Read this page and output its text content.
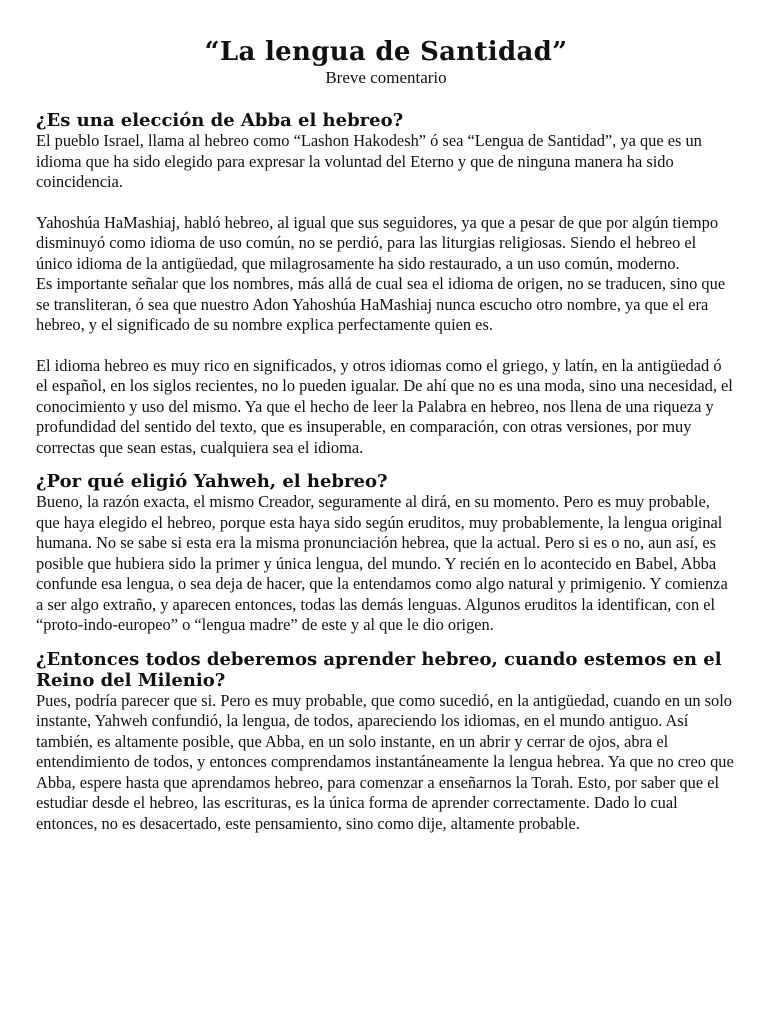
“La lengua de Santidad”
Breve comentario
¿Es una elección de Abba el hebreo?

El pueblo Israel, llama al hebreo como “Lashon Hakodesh” ó sea “Lengua de Santidad”, ya que es un idioma que ha sido elegido para expresar la voluntad del Eterno y que de ninguna manera ha sido coincidencia.

Yahoshúa HaMashiaj, habló hebreo, al igual que sus seguidores, ya que a pesar de que por algún tiempo disminuyó como idioma de uso común, no se perdió, para las liturgias religiosas. Siendo el hebreo el único idioma de la antigüedad, que milagrosamente ha sido restaurado, a un uso común, moderno.

Es importante señalar que los nombres, más allá de cual sea el idioma de origen, no se traducen, sino que se transliteran, ó sea que nuestro Adon Yahoshúa HaMashiaj nunca escucho otro nombre, ya que el era hebreo, y el significado de su nombre explica perfectamente quien es.

El idioma hebreo es muy rico en significados, y otros idiomas como el griego, y latín, en la antigüedad ó el español, en los siglos recientes, no lo pueden igualar. De ahí que no es una moda, sino una necesidad, el conocimiento y uso del mismo. Ya que el hecho de leer la Palabra en hebreo, nos llena de una riqueza y profundidad del sentido del texto, que es insuperable, en comparación, con otras versiones, por muy correctas que sean estas, cualquiera sea el idioma.

¿Por qué eligió Yahweh, el hebreo?

Bueno, la razón exacta, el mismo Creador, seguramente al dirá, en su momento. Pero es muy probable, que haya elegido el hebreo, porque esta haya sido según eruditos, muy probablemente, la lengua original humana. No se sabe si esta era la misma pronunciación hebrea, que la actual. Pero si es o no, aun así, es posible que hubiera sido la primer y única lengua, del mundo. Y recién en lo acontecido en Babel, Abba confunde esa lengua, o sea deja de hacer, que la entendamos como algo natural y primigenio. Y comienza a ser algo extraño, y aparecen entonces, todas las demás lenguas. Algunos eruditos la identifican, con el “proto-indo-europeo” o “lengua madre” de este y al que le dio origen.

¿Entonces todos deberemos aprender hebreo, cuando estemos en el Reino del Milenio?

Pues, podría parecer que si. Pero es muy probable, que como sucedió, en la antigüedad, cuando en un solo instante, Yahweh confundió, la lengua, de todos, apareciendo los idiomas, en el mundo antiguo. Así también, es altamente posible, que Abba, en un solo instante, en un abrir y cerrar de ojos, abra el entendimiento de todos, y entonces comprendamos instantáneamente la lengua hebrea. Ya que no creo que Abba, espere hasta que aprendamos hebreo, para comenzar a enseñarnos la Torah. Esto, por saber que el estudiar desde el hebreo, las escrituras, es la única forma de aprender correctamente. Dado lo cual entonces, no es desacertado, este pensamiento, sino como dije, altamente probable.
